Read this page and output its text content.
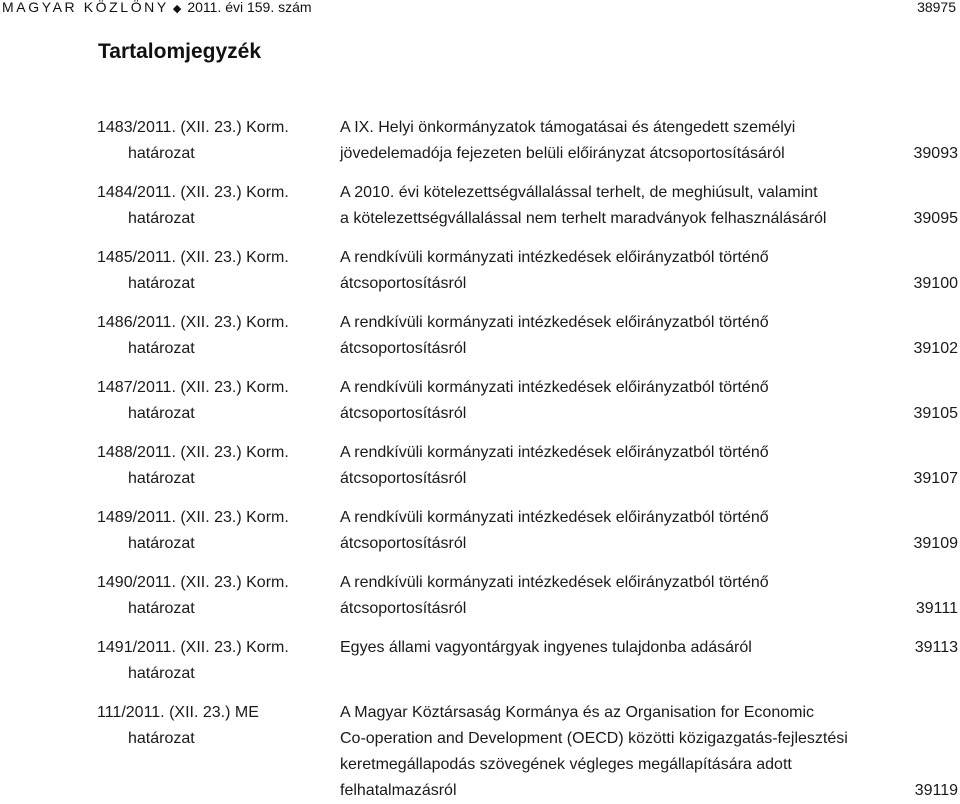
MAGYAR KÖZLÖNY ◆ 2011. évi 159. szám	38975
Tartalomjegyzék
1483/2011. (XII. 23.) Korm.
határozat
A IX. Helyi önkormányzatok támogatásai és átengedett személyi
jövedelemadója fejezeten belüli előirányzat átcsoportosításáról	39093
1484/2011. (XII. 23.) Korm.
határozat
A 2010. évi kötelezettségvállalással terhelt, de meghiúsult, valamint
a kötelezettségvállalással nem terhelt maradványok felhasználásáról	39095
1485/2011. (XII. 23.) Korm.
határozat
A rendkívüli kormányzati intézkedések előirányzatból történő
átcsoportosításról	39100
1486/2011. (XII. 23.) Korm.
határozat
A rendkívüli kormányzati intézkedések előirányzatból történő
átcsoportosításról	39102
1487/2011. (XII. 23.) Korm.
határozat
A rendkívüli kormányzati intézkedések előirányzatból történő
átcsoportosításról	39105
1488/2011. (XII. 23.) Korm.
határozat
A rendkívüli kormányzati intézkedések előirányzatból történő
átcsoportosításról	39107
1489/2011. (XII. 23.) Korm.
határozat
A rendkívüli kormányzati intézkedések előirányzatból történő
átcsoportosításról	39109
1490/2011. (XII. 23.) Korm.
határozat
A rendkívüli kormányzati intézkedések előirányzatból történő
átcsoportosításról	39111
1491/2011. (XII. 23.) Korm.
határozat
Egyes állami vagyontárgyak ingyenes tulajdonba adásáról	39113
111/2011. (XII. 23.) ME
határozat
A Magyar Köztársaság Kormánya és az Organisation for Economic
Co-operation and Development (OECD) közötti közigazgatás-fejlesztési
keretmegállapodás szövegének végleges megállapítására adott
felhatalmazásról	39119
